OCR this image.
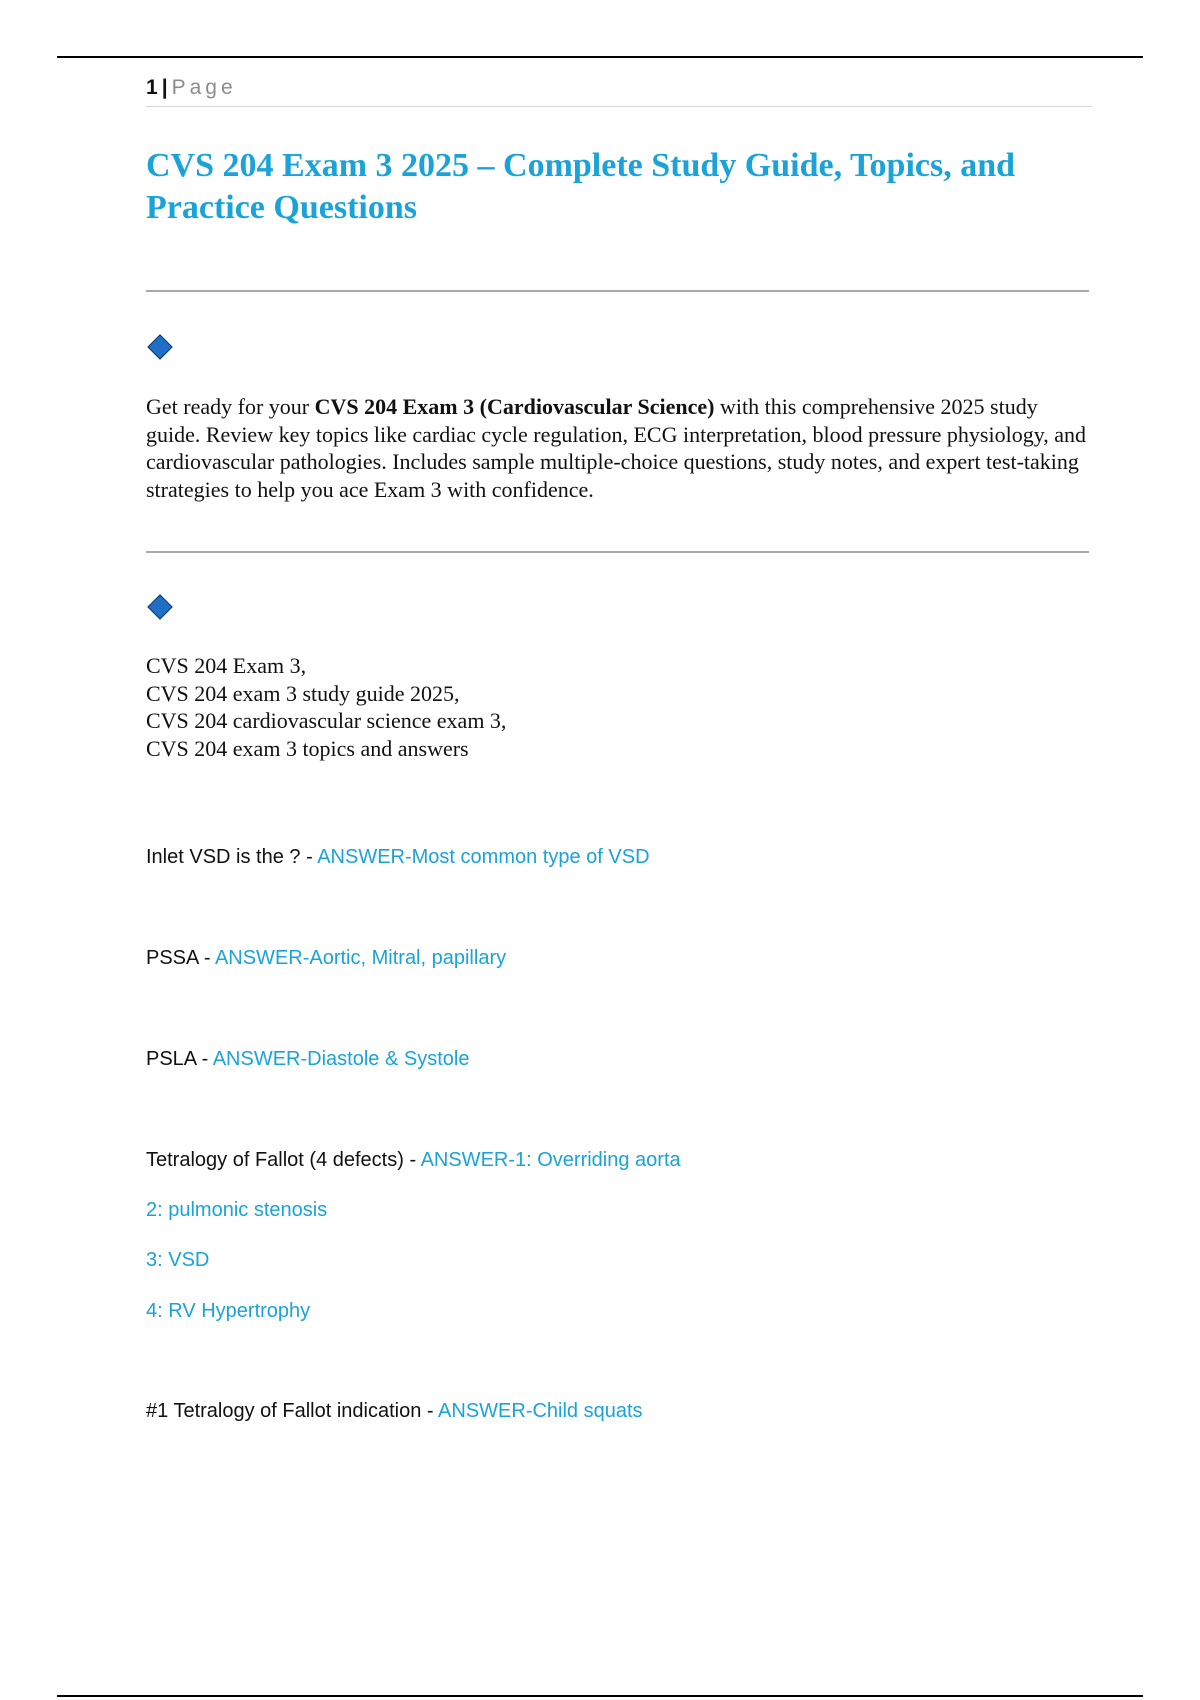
1 | Page
CVS 204 Exam 3 2025 – Complete Study Guide, Topics, and Practice Questions

Get ready for your CVS 204 Exam 3 (Cardiovascular Science) with this comprehensive 2025 study guide. Review key topics like cardiac cycle regulation, ECG interpretation, blood pressure physiology, and cardiovascular pathologies. Includes sample multiple-choice questions, study notes, and expert test-taking strategies to help you ace Exam 3 with confidence.

CVS 204 Exam 3,
CVS 204 exam 3 study guide 2025,
CVS 204 cardiovascular science exam 3,
CVS 204 exam 3 topics and answers
Inlet VSD is the ? - ANSWER-Most common type of VSD
PSSA - ANSWER-Aortic, Mitral, papillary
PSLA - ANSWER-Diastole & Systole
Tetralogy of Fallot (4 defects) - ANSWER-1: Overriding aorta
2: pulmonic stenosis
3: VSD
4: RV Hypertrophy
#1 Tetralogy of Fallot indication - ANSWER-Child squats
